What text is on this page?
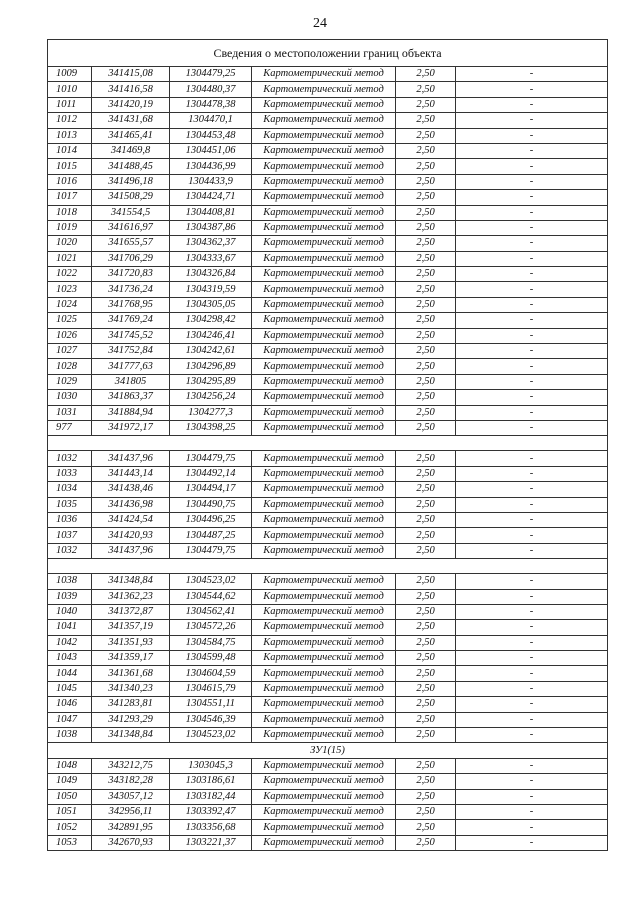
24
Сведения о местоположении границ объекта					
1009	341415,08	1304479,25	Картометрический метод	2,50	-
1010	341416,58	1304480,37	Картометрический метод	2,50	-
1011	341420,19	1304478,38	Картометрический метод	2,50	-
1012	341431,68	1304470,1	Картометрический метод	2,50	-
1013	341465,41	1304453,48	Картометрический метод	2,50	-
1014	341469,8	1304451,06	Картометрический метод	2,50	-
1015	341488,45	1304436,99	Картометрический метод	2,50	-
1016	341496,18	1304433,9	Картометрический метод	2,50	-
1017	341508,29	1304424,71	Картометрический метод	2,50	-
1018	341554,5	1304408,81	Картометрический метод	2,50	-
1019	341616,97	1304387,86	Картометрический метод	2,50	-
1020	341655,57	1304362,37	Картометрический метод	2,50	-
1021	341706,29	1304333,67	Картометрический метод	2,50	-
1022	341720,83	1304326,84	Картометрический метод	2,50	-
1023	341736,24	1304319,59	Картометрический метод	2,50	-
1024	341768,95	1304305,05	Картометрический метод	2,50	-
1025	341769,24	1304298,42	Картометрический метод	2,50	-
1026	341745,52	1304246,41	Картометрический метод	2,50	-
1027	341752,84	1304242,61	Картометрический метод	2,50	-
1028	341777,63	1304296,89	Картометрический метод	2,50	-
1029	341805	1304295,89	Картометрический метод	2,50	-
1030	341863,37	1304256,24	Картометрический метод	2,50	-
1031	341884,94	1304277,3	Картометрический метод	2,50	-
977	341972,17	1304398,25	Картометрический метод	2,50	-

1032	341437,96	1304479,75	Картометрический метод	2,50	-
1033	341443,14	1304492,14	Картометрический метод	2,50	-
1034	341438,46	1304494,17	Картометрический метод	2,50	-
1035	341436,98	1304490,75	Картометрический метод	2,50	-
1036	341424,54	1304496,25	Картометрический метод	2,50	-
1037	341420,93	1304487,25	Картометрический метод	2,50	-
1032	341437,96	1304479,75	Картометрический метод	2,50	-

1038	341348,84	1304523,02	Картометрический метод	2,50	-
1039	341362,23	1304544,62	Картометрический метод	2,50	-
1040	341372,87	1304562,41	Картометрический метод	2,50	-
1041	341357,19	1304572,26	Картометрический метод	2,50	-
1042	341351,93	1304584,75	Картометрический метод	2,50	-
1043	341359,17	1304599,48	Картометрический метод	2,50	-
1044	341361,68	1304604,59	Картометрический метод	2,50	-
1045	341340,23	1304615,79	Картометрический метод	2,50	-
1046	341283,81	1304551,11	Картометрический метод	2,50	-
1047	341293,29	1304546,39	Картометрический метод	2,50	-
1038	341348,84	1304523,02	Картометрический метод	2,50	-
ЗУ1(15)					
1048	343212,75	1303045,3	Картометрический метод	2,50	-
1049	343182,28	1303186,61	Картометрический метод	2,50	-
1050	343057,12	1303182,44	Картометрический метод	2,50	-
1051	342956,11	1303392,47	Картометрический метод	2,50	-
1052	342891,95	1303356,68	Картометрический метод	2,50	-
1053	342670,93	1303221,37	Картометрический метод	2,50	-
